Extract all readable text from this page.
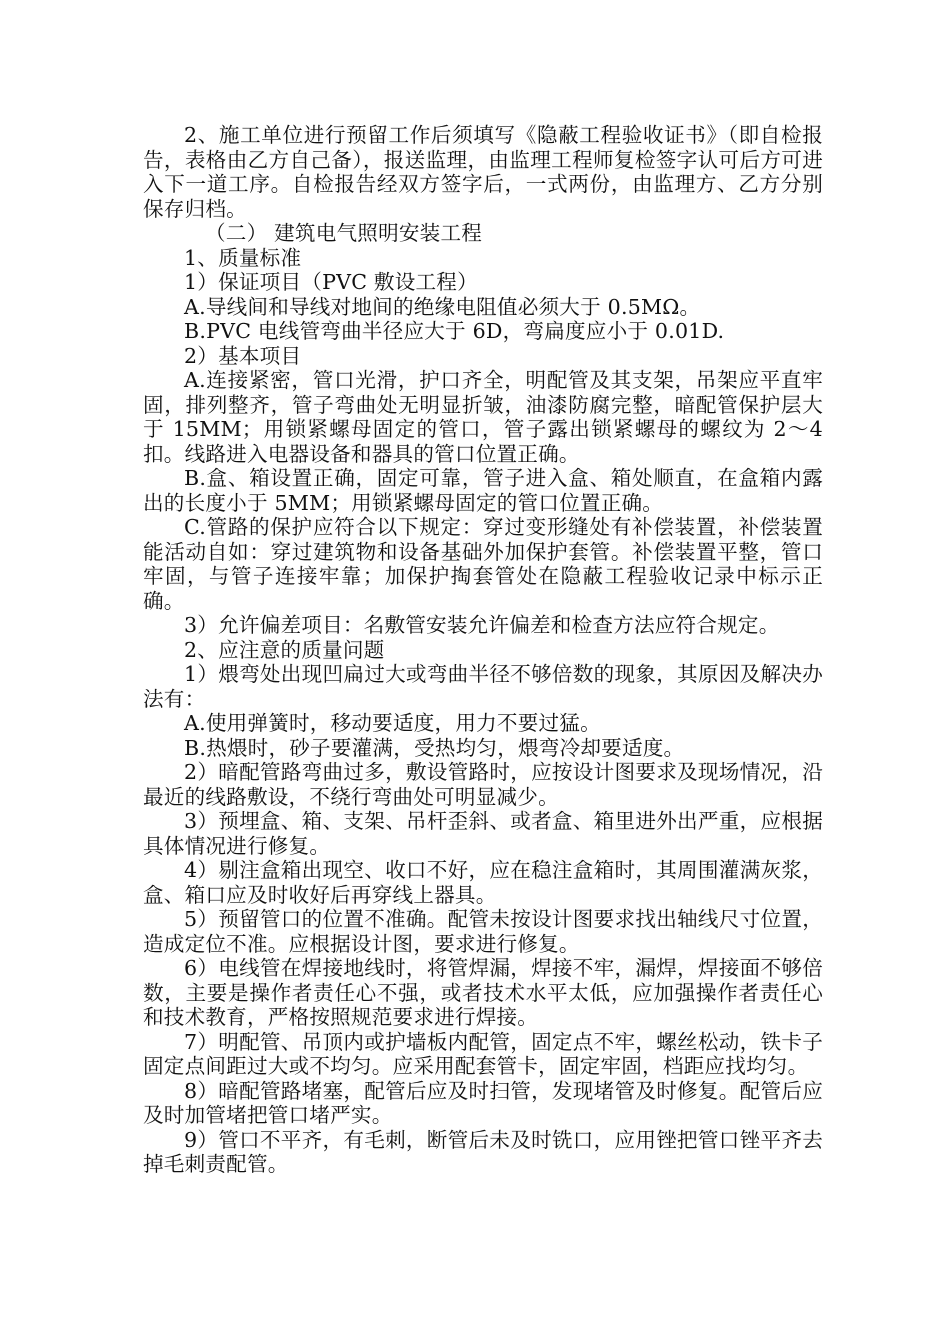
2、施工单位进行预留工作后须填写《隐蔽工程验收证书》（即自检报告，表格由乙方自己备），报送监理，由监理工程师复检签字认可后方可进入下一道工序。自检报告经双方签字后，一式两份，由监理方、乙方分别保存归档。

（二） 建筑电气照明安装工程

1、质量标准

1）保证项目（PVC 敷设工程）

A.导线间和导线对地间的绝缘电阻值必须大于 0.5MΩ。

B.PVC 电线管弯曲半径应大于 6D，弯扁度应小于 0.01D.

2）基本项目

A.连接紧密，管口光滑，护口齐全，明配管及其支架，吊架应平直牢固，排列整齐，管子弯曲处无明显折皱，油漆防腐完整，暗配管保护层大于 15MM；用锁紧螺母固定的管口，管子露出锁紧螺母的螺纹为 2～4 扣。线路进入电器设备和器具的管口位置正确。

B.盒、箱设置正确，固定可靠，管子进入盒、箱处顺直，在盒箱内露出的长度小于 5MM；用锁紧螺母固定的管口位置正确。

C.管路的保护应符合以下规定：穿过变形缝处有补偿装置，补偿装置能活动自如：穿过建筑物和设备基础外加保护套管。补偿装置平整，管口牢固，与管子连接牢靠；加保护掏套管处在隐蔽工程验收记录中标示正确。

3）允许偏差项目：名敷管安装允许偏差和检查方法应符合规定。

2、应注意的质量问题

1）煨弯处出现凹扁过大或弯曲半径不够倍数的现象，其原因及解决办法有：

A.使用弹簧时，移动要适度，用力不要过猛。

B.热煨时，砂子要灌满，受热均匀，煨弯冷却要适度。

2）暗配管路弯曲过多，敷设管路时，应按设计图要求及现场情况，沿最近的线路敷设，不绕行弯曲处可明显减少。

3）预埋盒、箱、支架、吊杆歪斜、或者盒、箱里进外出严重，应根据具体情况进行修复。

4）剔注盒箱出现空、收口不好，应在稳注盒箱时，其周围灌满灰浆，盒、箱口应及时收好后再穿线上器具。

5）预留管口的位置不准确。配管未按设计图要求找出轴线尺寸位置，造成定位不准。应根据设计图，要求进行修复。

6）电线管在焊接地线时，将管焊漏，焊接不牢，漏焊，焊接面不够倍数，主要是操作者责任心不强，或者技术水平太低，应加强操作者责任心和技术教育，严格按照规范要求进行焊接。

7）明配管、吊顶内或护墙板内配管，固定点不牢，螺丝松动，铁卡子固定点间距过大或不均匀。应采用配套管卡，固定牢固，档距应找均匀。

8）暗配管路堵塞，配管后应及时扫管，发现堵管及时修复。配管后应及时加管堵把管口堵严实。

9）管口不平齐，有毛刺，断管后未及时铣口，应用锉把管口锉平齐去掉毛刺责配管。
